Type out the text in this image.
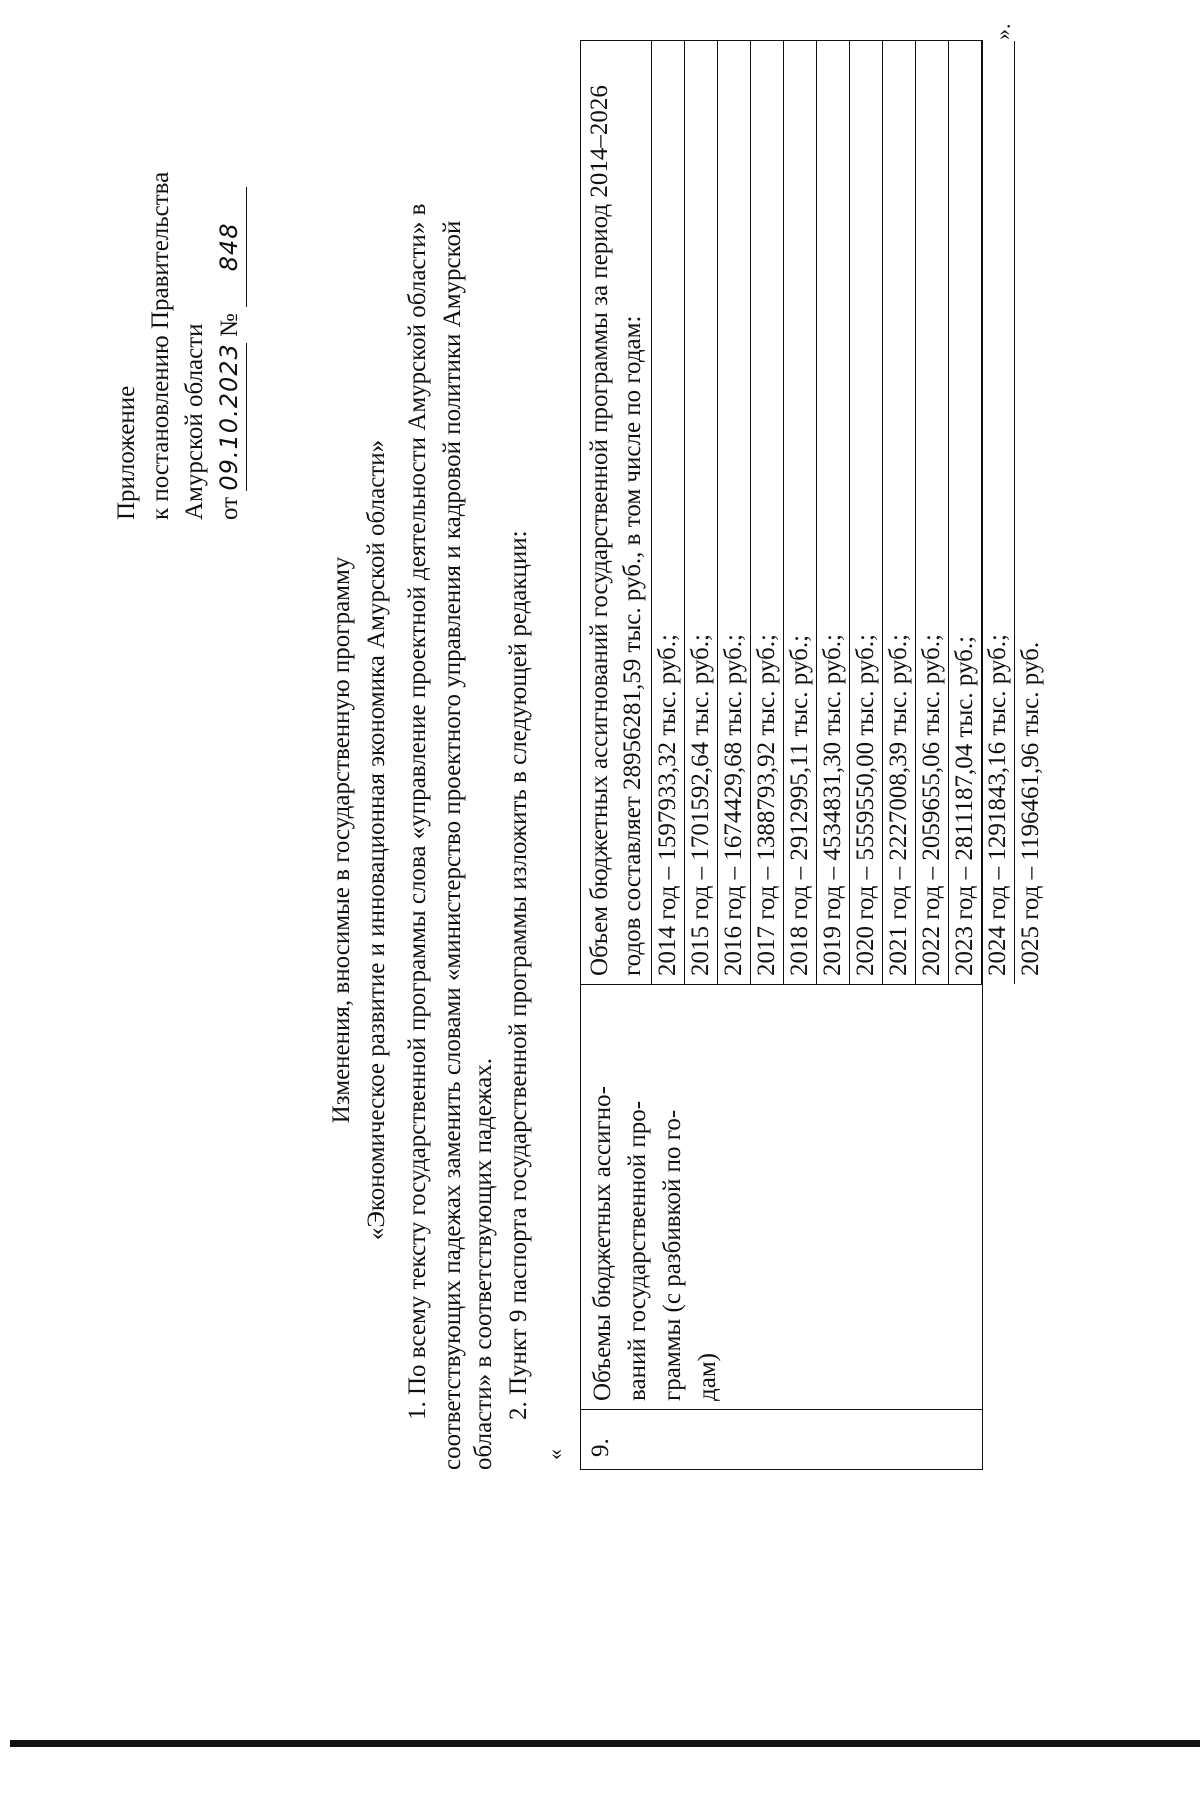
Приложение к постановлению Правительства Амурской области от 09.10.2023 № 848
Изменения, вносимые в государственную программу «Экономическое развитие и инновационная экономика Амурской области» 1. По всему тексту государственной программы слова «управление проектной деятельности Амурской области» в соответствующих падежах заменить словами «министерство проектного управления и кадровой политики Амурской области» в соответствующих падежах. 2. Пункт 9 паспорта государственной программы изложить в следующей редакции:
« 9.
Объемы бюджетных ассигно- ваний государственной про- граммы (с разбивкой по го- дам)
Объем бюджетных ассигнований государственной программы за период 2014–2026 годов составляет 28956281,59 тыс. руб., в том числе по годам: 2014 год – 1597933,32 тыс. руб.; 2015 год – 1701592,64 тыс. руб.; 2016 год – 1674429,68 тыс. руб.; 2017 год – 1388793,92 тыс. руб.; 2018 год – 2912995,11 тыс. руб.; 2019 год – 4534831,30 тыс. руб.; 2020 год – 5559550,00 тыс. руб.; 2021 год – 2227008,39 тыс. руб.; 2022 год – 2059655,06 тыс. руб.; 2023 год – 2811187,04 тыс. руб.; 2024 год – 1291843,16 тыс. руб.; 2025 год – 1196461,96 тыс. руб.
».
